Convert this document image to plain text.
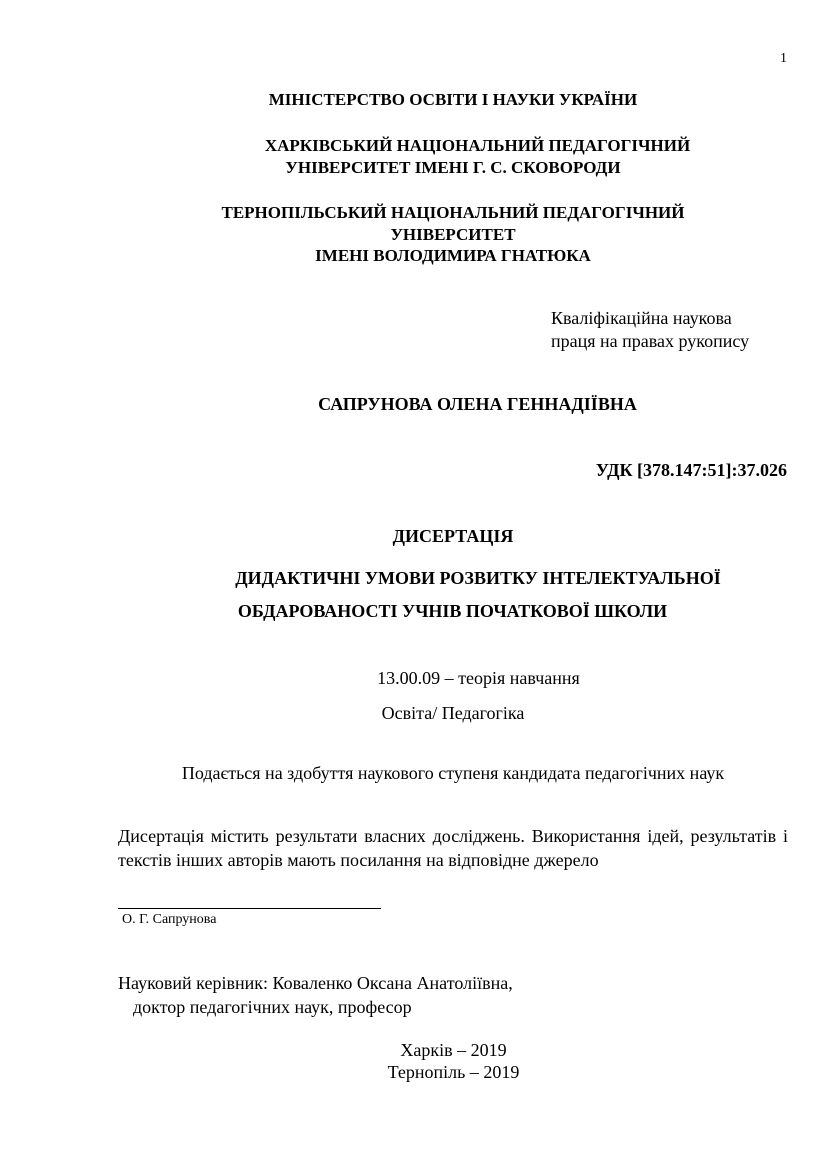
1
МІНІСТЕРСТВО ОСВІТИ І НАУКИ УКРАЇНИ
ХАРКІВСЬКИЙ НАЦІОНАЛЬНИЙ ПЕДАГОГІЧНИЙ
УНІВЕРСИТЕТ ІМЕНІ Г. С. СКОВОРОДИ
ТЕРНОПІЛЬСЬКИЙ НАЦІОНАЛЬНИЙ ПЕДАГОГІЧНИЙ
УНІВЕРСИТЕТ
ІМЕНІ ВОЛОДИМИРА ГНАТЮКА
Кваліфікаційна наукова
праця на правах рукопису
САПРУНОВА ОЛЕНА ГЕННАДІЇВНА
УДК [378.147:51]:37.026
ДИСЕРТАЦІЯ
ДИДАКТИЧНІ УМОВИ РОЗВИТКУ ІНТЕЛЕКТУАЛЬНОЇ
ОБДАРОВАНОСТІ УЧНІВ ПОЧАТКОВОЇ ШКОЛИ
13.00.09 – теорія навчання
Освіта/ Педагогіка
Подається на здобуття наукового ступеня кандидата педагогічних наук
Дисертація містить результати власних досліджень. Використання ідей, результатів і текстів інших авторів мають посилання на відповідне джерело
О. Г. Сапрунова
Науковий керівник: Коваленко Оксана Анатоліївна,
доктор педагогічних наук, професор
Харків – 2019
Тернопіль – 2019
